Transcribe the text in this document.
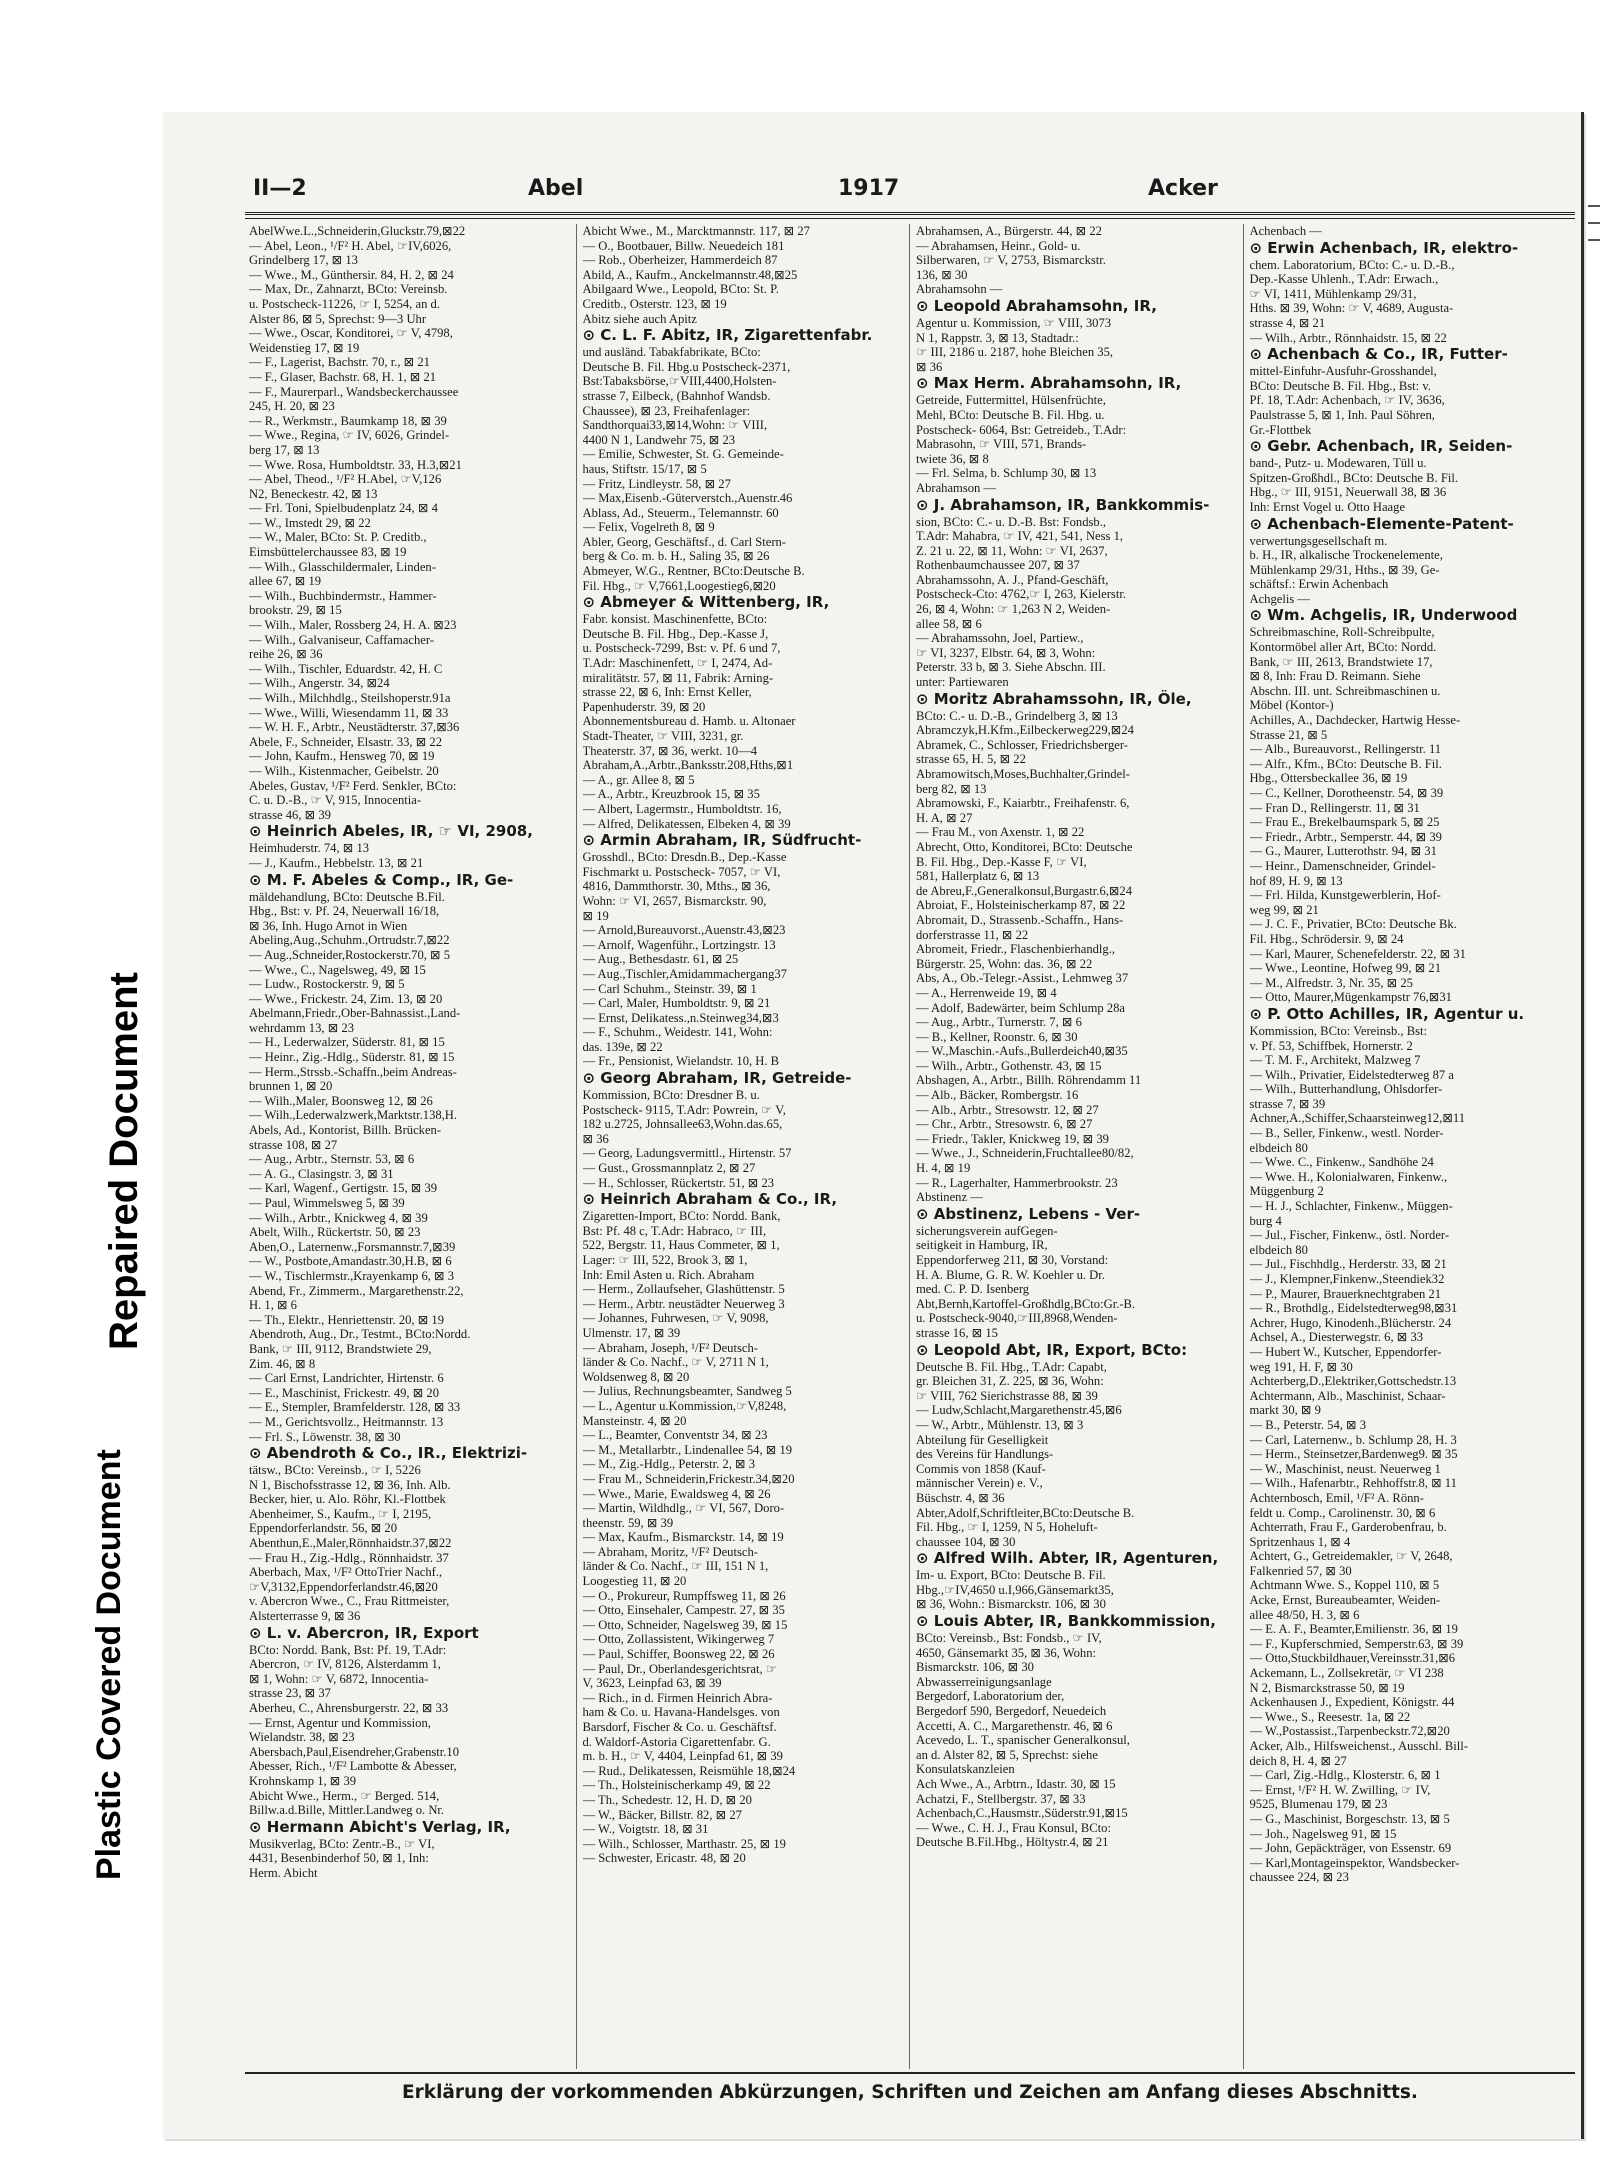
Repaired Document
Plastic Covered Document
II—2	Abel	1917	Acker
AbelWwe.L.,Schneiderin,Gluckstr.79,⊠22
— Abel, Leon., ¹/F² H. Abel, ☞IV,6026,
Grindelberg 17, ⊠ 13
— Wwe., M., Günthersir. 84, H. 2, ⊠ 24
— Max, Dr., Zahnarzt, BCto: Vereinsb.
u. Postscheck-11226, ☞ I, 5254, an d.
Alster 86, ⊠ 5, Sprechst: 9—3 Uhr
— Wwe., Oscar, Konditorei, ☞ V, 4798,
Weidenstieg 17, ⊠ 19
— F., Lagerist, Bachstr. 70, r., ⊠ 21
— F., Glaser, Bachstr. 68, H. 1, ⊠ 21
— F., Maurerparl., Wandsbeckerchaussee
245, H. 20, ⊠ 23
— R., Werkmstr., Baumkamp 18, ⊠ 39
— Wwe., Regina, ☞ IV, 6026, Grindel-
berg 17, ⊠ 13
— Wwe. Rosa, Humboldtstr. 33, H.3,⊠21
— Abel, Theod., ¹/F² H.Abel, ☞V,126
N2, Beneckestr. 42, ⊠ 13
— Frl. Toni, Spielbudenplatz 24, ⊠ 4
— W., Imstedt 29, ⊠ 22
— W., Maler, BCto: St. P. Creditb.,
Eimsbüttelerchaussee 83, ⊠ 19
— Wilh., Glasschildermaler, Linden-
allee 67, ⊠ 19
— Wilh., Buchbindermstr., Hammer-
brookstr. 29, ⊠ 15
— Wilh., Maler, Rossberg 24, H. A. ⊠23
— Wilh., Galvaniseur, Caffamacher-
reihe 26, ⊠ 36
— Wilh., Tischler, Eduardstr. 42, H. C
— Wilh., Angerstr. 34, ⊠24
— Wilh., Milchhdlg., Steilshoperstr.91a
— Wwe., Willi, Wiesendamm 11, ⊠ 33
— W. H. F., Arbtr., Neustädterstr. 37,⊠36
Abele, F., Schneider, Elsastr. 33, ⊠ 22
— John, Kaufm., Hensweg 70, ⊠ 19
— Wilh., Kistenmacher, Geibelstr. 20
Abeles, Gustav, ¹/F² Ferd. Senkler, BCto:
C. u. D.-B., ☞ V, 915, Innocentia-
strasse 46, ⊠ 39
⊙ Heinrich Abeles, IR, ☞ VI, 2908,
Heimhuderstr. 74, ⊠ 13
— J., Kaufm., Hebbelstr. 13, ⊠ 21
⊙ M. F. Abeles & Comp., IR, Ge-
mäldehandlung, BCto: Deutsche B.Fil.
Hbg., Bst: v. Pf. 24, Neuerwall 16/18,
⊠ 36, Inh. Hugo Arnot in Wien
Abeling,Aug.,Schuhm.,Ortrudstr.7,⊠22
— Aug.,Schneider,Rostockerstr.70, ⊠ 5
— Wwe., C., Nagelsweg, 49, ⊠ 15
— Ludw., Rostockerstr. 9, ⊠ 5
— Wwe., Frickestr. 24, Zim. 13, ⊠ 20
Abelmann,Friedr.,Ober-Bahnassist.,Land-
wehrdamm 13, ⊠ 23
— H., Lederwalzer, Süderstr. 81, ⊠ 15
— Heinr., Zig.-Hdlg., Süderstr. 81, ⊠ 15
— Herm.,Strssb.-Schaffn.,beim Andreas-
brunnen 1, ⊠ 20
— Wilh.,Maler, Boonsweg 12, ⊠ 26
— Wilh.,Lederwalzwerk,Marktstr.138,H.
Abels, Ad., Kontorist, Billh. Brücken-
strasse 108, ⊠ 27
— Aug., Arbtr., Sternstr. 53, ⊠ 6
— A. G., Clasingstr. 3, ⊠ 31
— Karl, Wagenf., Gertigstr. 15, ⊠ 39
— Paul, Wimmelsweg 5, ⊠ 39
— Wilh., Arbtr., Knickweg 4, ⊠ 39
Abelt, Wilh., Rückertstr. 50, ⊠ 23
Aben,O., Laternenw.,Forsmannstr.7,⊠39
— W., Postbote,Amandastr.30,H.B, ⊠ 6
— W., Tischlermstr.,Krayenkamp 6, ⊠ 3
Abend, Fr., Zimmerm., Margarethenstr.22,
H. 1, ⊠ 6
— Th., Elektr., Henriettenstr. 20, ⊠ 19
Abendroth, Aug., Dr., Testmt., BCto:Nordd.
Bank, ☞ III, 9112, Brandstwiete 29,
Zim. 46, ⊠ 8
— Carl Ernst, Landrichter, Hirtenstr. 6
— E., Maschinist, Frickestr. 49, ⊠ 20
— E., Stempler, Bramfelderstr. 128, ⊠ 33
— M., Gerichtsvollz., Heitmannstr. 13
— Frl. S., Löwenstr. 38, ⊠ 30
⊙ Abendroth & Co., IR., Elektrizi-
tätsw., BCto: Vereinsb., ☞ I, 5226
N 1, Bischofsstrasse 12, ⊠ 36, Inh. Alb.
Becker, hier, u. Alo. Röhr, Kl.-Flottbek
Abenheimer, S., Kaufm., ☞ I, 2195,
Eppendorferlandstr. 56, ⊠ 20
Abenthun,E.,Maler,Rönnhaidstr.37,⊠22
— Frau H., Zig.-Hdlg., Rönnhaidstr. 37
Aberbach, Max, ¹/F² OttoTrier Nachf.,
☞V,3132,Eppendorferlandstr.46,⊠20
v. Abercron Wwe., C., Frau Rittmeister,
Alsterterrasse 9, ⊠ 36
⊙ L. v. Abercron, IR, Export
BCto: Nordd. Bank, Bst: Pf. 19, T.Adr:
Abercron, ☞ IV, 8126, Alsterdamm 1,
⊠ 1, Wohn: ☞ V, 6872, Innocentia-
strasse 23, ⊠ 37
Aberheu, C., Ahrensburgerstr. 22, ⊠ 33
— Ernst, Agentur und Kommission,
Wielandstr. 38, ⊠ 23
Abersbach,Paul,Eisendreher,Grabenstr.10
Abesser, Rich., ¹/F² Lambotte & Abesser,
Krohnskamp 1, ⊠ 39
Abicht Wwe., Herm., ☞ Berged. 514,
Billw.a.d.Bille, Mittler.Landweg o. Nr.
⊙ Hermann Abicht's Verlag, IR,
Musikverlag, BCto: Zentr.-B., ☞ VI,
4431, Besenbinderhof 50, ⊠ 1, Inh:
Herm. Abicht
Abicht Wwe., M., Marcktmannstr. 117, ⊠ 27
— O., Bootbauer, Billw. Neuedeich 181
— Rob., Oberheizer, Hammerdeich 87
Abild, A., Kaufm., Anckelmannstr.48,⊠25
Abilgaard Wwe., Leopold, BCto: St. P.
Creditb., Osterstr. 123, ⊠ 19
Abitz siehe auch Apitz
⊙ C. L. F. Abitz, IR, Zigarettenfabr.
und ausländ. Tabakfabrikate, BCto:
Deutsche B. Fil. Hbg.u Postscheck-2371,
Bst:Tabaksbörse,☞VIII,4400,Holsten-
strasse 7, Eilbeck, (Bahnhof Wandsb.
Chaussee), ⊠ 23, Freihafenlager:
Sandthorquai33,⊠14,Wohn: ☞ VIII,
4400 N 1, Landwehr 75, ⊠ 23
— Emilie, Schwester, St. G. Gemeinde-
haus, Stiftstr. 15/17, ⊠ 5
— Fritz, Lindleystr. 58, ⊠ 27
— Max,Eisenb.-Güterverstch.,Auenstr.46
Ablass, Ad., Steuerm., Telemannstr. 60
— Felix, Vogelreth 8, ⊠ 9
Abler, Georg, Geschäftsf., d. Carl Stern-
berg & Co. m. b. H., Saling 35, ⊠ 26
Abmeyer, W.G., Rentner, BCto:Deutsche B.
Fil. Hbg., ☞ V,7661,Loogestieg6,⊠20
⊙ Abmeyer & Wittenberg, IR,
Fabr. konsist. Maschinenfette, BCto:
Deutsche B. Fil. Hbg., Dep.-Kasse J,
u. Postscheck-7299, Bst: v. Pf. 6 und 7,
T.Adr: Maschinenfett, ☞ I, 2474, Ad-
miralitätstr. 57, ⊠ 11, Fabrik: Arning-
strasse 22, ⊠ 6, Inh: Ernst Keller,
Papenhuderstr. 39, ⊠ 20
Abonnementsbureau d. Hamb. u. Altonaer
Stadt-Theater, ☞ VIII, 3231, gr.
Theaterstr. 37, ⊠ 36, werkt. 10—4
Abraham,A.,Arbtr.,Banksstr.208,Hths,⊠1
— A., gr. Allee 8, ⊠ 5
— A., Arbtr., Kreuzbrook 15, ⊠ 35
— Albert, Lagermstr., Humboldtstr. 16,
— Alfred, Delikatessen, Elbeken 4, ⊠ 39
⊙ Armin Abraham, IR, Südfrucht-
Grosshdl., BCto: Dresdn.B., Dep.-Kasse
Fischmarkt u. Postscheck- 7057, ☞ VI,
4816, Dammthorstr. 30, Mths., ⊠ 36,
Wohn: ☞ VI, 2657, Bismarckstr. 90,
⊠ 19
— Arnold,Bureauvorst.,Auenstr.43,⊠23
— Arnolf, Wagenführ., Lortzingstr. 13
— Aug., Bethesdastr. 61, ⊠ 25
— Aug.,Tischler,Amidammachergang37
— Carl Schuhm., Steinstr. 39, ⊠ 1
— Carl, Maler, Humboldtstr. 9, ⊠ 21
— Ernst, Delikatess.,n.Steinweg34,⊠3
— F., Schuhm., Weidestr. 141, Wohn:
das. 139e, ⊠ 22
— Fr., Pensionist, Wielandstr. 10, H. B
⊙ Georg Abraham, IR, Getreide-
Kommission, BCto: Dresdner B. u.
Postscheck- 9115, T.Adr: Powrein, ☞ V,
182 u.2725, Johnsallee63,Wohn.das.65,
⊠ 36
— Georg, Ladungsvermittl., Hirtenstr. 57
— Gust., Grossmannplatz 2, ⊠ 27
— H., Schlosser, Rückertstr. 51, ⊠ 23
⊙ Heinrich Abraham & Co., IR,
Zigaretten-Import, BCto: Nordd. Bank,
Bst: Pf. 48 c, T.Adr: Habraco, ☞ III,
522, Bergstr. 11, Haus Commeter, ⊠ 1,
Lager: ☞ III, 522, Brook 3, ⊠ 1,
Inh: Emil Asten u. Rich. Abraham
— Herm., Zollaufseher, Glashüttenstr. 5
— Herm., Arbtr. neustädter Neuerweg 3
— Johannes, Fuhrwesen, ☞ V, 9098,
Ulmenstr. 17, ⊠ 39
— Abraham, Joseph, ¹/F² Deutsch-
länder & Co. Nachf., ☞ V, 2711 N 1,
Woldsenweg 8, ⊠ 20
— Julius, Rechnungsbeamter, Sandweg 5
— L., Agentur u.Kommission,☞V,8248,
Mansteinstr. 4, ⊠ 20
— L., Beamter, Conventstr 34, ⊠ 23
— M., Metallarbtr., Lindenallee 54, ⊠ 19
— M., Zig.-Hdlg., Peterstr. 2, ⊠ 3
— Frau M., Schneiderin,Frickestr.34,⊠20
— Wwe., Marie, Ewaldsweg 4, ⊠ 26
— Martin, Wildhdlg., ☞ VI, 567, Doro-
theenstr. 59, ⊠ 39
— Max, Kaufm., Bismarckstr. 14, ⊠ 19
— Abraham, Moritz, ¹/F² Deutsch-
länder & Co. Nachf., ☞ III, 151 N 1,
Loogestieg 11, ⊠ 20
— O., Prokureur, Rumpffsweg 11, ⊠ 26
— Otto, Einsehaler, Campestr. 27, ⊠ 35
— Otto, Schneider, Nagelsweg 39, ⊠ 15
— Otto, Zollassistent, Wikingerweg 7
— Paul, Schiffer, Boonsweg 22, ⊠ 26
— Paul, Dr., Oberlandesgerichtsrat, ☞
V, 3623, Leinpfad 63, ⊠ 39
— Rich., in d. Firmen Heinrich Abra-
ham & Co. u. Havana-Handelsges. von
Barsdorf, Fischer & Co. u. Geschäftsf.
d. Waldorf-Astoria Cigarettenfabr. G.
m. b. H., ☞ V, 4404, Leinpfad 61, ⊠ 39
— Rud., Delikatessen, Reismühle 18,⊠24
— Th., Holsteinischerkamp 49, ⊠ 22
— Th., Schedestr. 12, H. D, ⊠ 20
— W., Bäcker, Billstr. 82, ⊠ 27
— W., Voigtstr. 18, ⊠ 31
— Wilh., Schlosser, Marthastr. 25, ⊠ 19
— Schwester, Ericastr. 48, ⊠ 20
Abrahamsen, A., Bürgerstr. 44, ⊠ 22
— Abrahamsen, Heinr., Gold- u.
Silberwaren, ☞ V, 2753, Bismarckstr.
136, ⊠ 30
Abrahamsohn —
⊙ Leopold Abrahamsohn, IR,
Agentur u. Kommission, ☞ VIII, 3073
N 1, Rappstr. 3, ⊠ 13, Stadtadr.:
☞ III, 2186 u. 2187, hohe Bleichen 35,
⊠ 36
⊙ Max Herm. Abrahamsohn, IR,
Getreide, Futtermittel, Hülsenfrüchte,
Mehl, BCto: Deutsche B. Fil. Hbg. u.
Postscheck- 6064, Bst: Getreideb., T.Adr:
Mabrasohn, ☞ VIII, 571, Brands-
twiete 36, ⊠ 8
— Frl. Selma, b. Schlump 30, ⊠ 13
Abrahamson —
⊙ J. Abrahamson, IR, Bankkommis-
sion, BCto: C.- u. D.-B. Bst: Fondsb.,
T.Adr: Mahabra, ☞ IV, 421, 541, Ness 1,
Z. 21 u. 22, ⊠ 11, Wohn: ☞ VI, 2637,
Rothenbaumchaussee 207, ⊠ 37
Abrahamssohn, A. J., Pfand-Geschäft,
Postscheck-Cto: 4762,☞ I, 263, Kielerstr.
26, ⊠ 4, Wohn: ☞ 1,263 N 2, Weiden-
allee 58, ⊠ 6
— Abrahamssohn, Joel, Partiew.,
☞ VI, 3237, Elbstr. 64, ⊠ 3, Wohn:
Peterstr. 33 b, ⊠ 3. Siehe Abschn. III.
unter: Partiewaren
⊙ Moritz Abrahamssohn, IR, Öle,
BCto: C.- u. D.-B., Grindelberg 3, ⊠ 13
Abramczyk,H.Kfm.,Eilbeckerweg229,⊠24
Abramek, C., Schlosser, Friedrichsberger-
strasse 65, H. 5, ⊠ 22
Abramowitsch,Moses,Buchhalter,Grindel-
berg 82, ⊠ 13
Abramowski, F., Kaiarbtr., Freihafenstr. 6,
H. A, ⊠ 27
— Frau M., von Axenstr. 1, ⊠ 22
Abrecht, Otto, Konditorei, BCto: Deutsche
B. Fil. Hbg., Dep.-Kasse F, ☞ VI,
581, Hallerplatz 6, ⊠ 13
de Abreu,F.,Generalkonsul,Burgastr.6,⊠24
Abroiat, F., Holsteinischerkamp 87, ⊠ 22
Abromait, D., Strassenb.-Schaffn., Hans-
dorferstrasse 11, ⊠ 22
Abromeit, Friedr., Flaschenbierhandlg.,
Bürgerstr. 25, Wohn: das. 36, ⊠ 22
Abs, A., Ob.-Telegr.-Assist., Lehmweg 37
— A., Herrenweide 19, ⊠ 4
— Adolf, Badewärter, beim Schlump 28a
— Aug., Arbtr., Turnerstr. 7, ⊠ 6
— B., Kellner, Roonstr. 6, ⊠ 30
— W.,Maschin.-Aufs.,Bullerdeich40,⊠35
— Wilh., Arbtr., Gothenstr. 43, ⊠ 15
Abshagen, A., Arbtr., Billh. Röhrendamm 11
— Alb., Bäcker, Rombergstr. 16
— Alb., Arbtr., Stresowstr. 12, ⊠ 27
— Chr., Arbtr., Stresowstr. 6, ⊠ 27
— Friedr., Takler, Knickweg 19, ⊠ 39
— Wwe., J., Schneiderin,Fruchtallee80/82,
H. 4, ⊠ 19
— R., Lagerhalter, Hammerbrookstr. 23
Abstinenz —
⊙ Abstinenz, Lebens - Ver-
sicherungsverein aufGegen-
seitigkeit in Hamburg, IR,
Eppendorferweg 211, ⊠ 30, Vorstand:
H. A. Blume, G. R. W. Koehler u. Dr.
med. C. P. D. Isenberg
Abt,Bernh,Kartoffel-Großhdlg,BCto:Gr.-B.
u. Postscheck-9040,☞III,8968,Wenden-
strasse 16, ⊠ 15
⊙ Leopold Abt, IR, Export, BCto:
Deutsche B. Fil. Hbg., T.Adr: Capabt,
gr. Bleichen 31, Z. 225, ⊠ 36, Wohn:
☞ VIII, 762 Sierichstrasse 88, ⊠ 39
— Ludw,Schlacht,Margarethenstr.45,⊠6
— W., Arbtr., Mühlenstr. 13, ⊠ 3
Abteilung für Geselligkeit
des Vereins für Handlungs-
Commis von 1858 (Kauf-
männischer Verein) e. V.,
Büschstr. 4, ⊠ 36
Abter,Adolf,Schriftleiter,BCto:Deutsche B.
Fil. Hbg., ☞ I, 1259, N 5, Hoheluft-
chaussee 104, ⊠ 30
⊙ Alfred Wilh. Abter, IR, Agenturen,
Im- u. Export, BCto: Deutsche B. Fil.
Hbg.,☞IV,4650 u.I,966,Gänsemarkt35,
⊠ 36, Wohn.: Bismarckstr. 106, ⊠ 30
⊙ Louis Abter, IR, Bankkommission,
BCto: Vereinsb., Bst: Fondsb., ☞ IV,
4650, Gänsemarkt 35, ⊠ 36, Wohn:
Bismarckstr. 106, ⊠ 30
Abwasserreinigungsanlage
Bergedorf, Laboratorium der,
Bergedorf 590, Bergedorf, Neuedeich
Accetti, A. C., Margarethenstr. 46, ⊠ 6
Acevedo, L. T., spanischer Generalkonsul,
an d. Alster 82, ⊠ 5, Sprechst: siehe
Konsulatskanzleien
Ach Wwe., A., Arbtrn., Idastr. 30, ⊠ 15
Achatzi, F., Stellbergstr. 37, ⊠ 33
Achenbach,C.,Hausmstr.,Süderstr.91,⊠15
— Wwe., C. H. J., Frau Konsul, BCto:
Deutsche B.Fil.Hbg., Höltystr.4, ⊠ 21
Achenbach —
⊙ Erwin Achenbach, IR, elektro-
chem. Laboratorium, BCto: C.- u. D.-B.,
Dep.-Kasse Uhlenh., T.Adr: Erwach.,
☞ VI, 1411, Mühlenkamp 29/31,
Hths. ⊠ 39, Wohn: ☞ V, 4689, Augusta-
strasse 4, ⊠ 21
— Wilh., Arbtr., Rönnhaidstr. 15, ⊠ 22
⊙ Achenbach & Co., IR, Futter-
mittel-Einfuhr-Ausfuhr-Grosshandel,
BCto: Deutsche B. Fil. Hbg., Bst: v.
Pf. 18, T.Adr: Achenbach, ☞ IV, 3636,
Paulstrasse 5, ⊠ 1, Inh. Paul Söhren,
Gr.-Flottbek
⊙ Gebr. Achenbach, IR, Seiden-
band-, Putz- u. Modewaren, Tüll u.
Spitzen-Großhdl., BCto: Deutsche B. Fil.
Hbg., ☞ III, 9151, Neuerwall 38, ⊠ 36
Inh: Ernst Vogel u. Otto Haage
⊙ Achenbach-Elemente-Patent-
verwertungsgesellschaft m.
b. H., IR, alkalische Trockenelemente,
Mühlenkamp 29/31, Hths., ⊠ 39, Ge-
schäftsf.: Erwin Achenbach
Achgelis —
⊙ Wm. Achgelis, IR, Underwood
Schreibmaschine, Roll-Schreibpulte,
Kontormöbel aller Art, BCto: Nordd.
Bank, ☞ III, 2613, Brandstwiete 17,
⊠ 8, Inh: Frau D. Reimann. Siehe
Abschn. III. unt. Schreibmaschinen u.
Möbel (Kontor-)
Achilles, A., Dachdecker, Hartwig Hesse-
Strasse 21, ⊠ 5
— Alb., Bureauvorst., Rellingerstr. 11
— Alfr., Kfm., BCto: Deutsche B. Fil.
Hbg., Ottersbeckallee 36, ⊠ 19
— C., Kellner, Dorotheenstr. 54, ⊠ 39
— Fran D., Rellingerstr. 11, ⊠ 31
— Frau E., Brekelbaumspark 5, ⊠ 25
— Friedr., Arbtr., Semperstr. 44, ⊠ 39
— G., Maurer, Lutterothstr. 94, ⊠ 31
— Heinr., Damenschneider, Grindel-
hof 89, H. 9, ⊠ 13
— Frl. Hilda, Kunstgewerblerin, Hof-
weg 99, ⊠ 21
— J. C. F., Privatier, BCto: Deutsche Bk.
Fil. Hbg., Schrödersir. 9, ⊠ 24
— Karl, Maurer, Schenefelderstr. 22, ⊠ 31
— Wwe., Leontine, Hofweg 99, ⊠ 21
— M., Alfredstr. 3, Nr. 35, ⊠ 25
— Otto, Maurer,Mügenkampstr 76,⊠31
⊙ P. Otto Achilles, IR, Agentur u.
Kommission, BCto: Vereinsb., Bst:
v. Pf. 53, Schiffbek, Hornerstr. 2
— T. M. F., Architekt, Malzweg 7
— Wilh., Privatier, Eidelstedterweg 87 a
— Wilh., Butterhandlung, Ohlsdorfer-
strasse 7, ⊠ 39
Achner,A.,Schiffer,Schaarsteinweg12,⊠11
— B., Seller, Finkenw., westl. Norder-
elbdeich 80
— Wwe. C., Finkenw., Sandhöhe 24
— Wwe. H., Kolonialwaren, Finkenw.,
Müggenburg 2
— H. J., Schlachter, Finkenw., Müggen-
burg 4
— Jul., Fischer, Finkenw., östl. Norder-
elbdeich 80
— Jul., Fischhdlg., Herderstr. 33, ⊠ 21
— J., Klempner,Finkenw.,Steendiek32
— P., Maurer, Brauerknechtgraben 21
— R., Brothdlg., Eidelstedterweg98,⊠31
Achrer, Hugo, Kinodenh.,Blücherstr. 24
Achsel, A., Diesterwegstr. 6, ⊠ 33
— Hubert W., Kutscher, Eppendorfer-
weg 191, H. F, ⊠ 30
Achterberg,D.,Elektriker,Gottschedstr.13
Achtermann, Alb., Maschinist, Schaar-
markt 30, ⊠ 9
— B., Peterstr. 54, ⊠ 3
— Carl, Laternenw., b. Schlump 28, H. 3
— Herm., Steinsetzer,Bardenweg9. ⊠ 35
— W., Maschinist, neust. Neuerweg 1
— Wilh., Hafenarbtr., Rehhoffstr.8, ⊠ 11
Achternbosch, Emil, ¹/F² A. Rönn-
feldt u. Comp., Carolinenstr. 30, ⊠ 6
Achterrath, Frau F., Garderobenfrau, b.
Spritzenhaus 1, ⊠ 4
Achtert, G., Getreidemakler, ☞ V, 2648,
Falkenried 57, ⊠ 30
Achtmann Wwe. S., Koppel 110, ⊠ 5
Acke, Ernst, Bureaubeamter, Weiden-
allee 48/50, H. 3, ⊠ 6
— E. A. F., Beamter,Emilienstr. 36, ⊠ 19
— F., Kupferschmied, Semperstr.63, ⊠ 39
— Otto,Stuckbildhauer,Vereinsstr.31,⊠6
Ackemann, L., Zollsekretär, ☞ VI 238
N 2, Bismarckstrasse 50, ⊠ 19
Ackenhausen J., Expedient, Königstr. 44
— Wwe., S., Reesestr. 1a, ⊠ 22
— W.,Postassist.,Tarpenbeckstr.72,⊠20
Acker, Alb., Hilfsweichenst., Ausschl. Bill-
deich 8, H. 4, ⊠ 27
— Carl, Zig.-Hdlg., Klosterstr. 6, ⊠ 1
— Ernst, ¹/F² H. W. Zwilling, ☞ IV,
9525, Blumenau 179, ⊠ 23
— G., Maschinist, Borgeschstr. 13, ⊠ 5
— Joh., Nagelsweg 91, ⊠ 15
— John, Gepäckträger, von Essenstr. 69
— Karl,Montageinspektor, Wandsbecker-
chaussee 224, ⊠ 23
Erklärung der vorkommenden Abkürzungen, Schriften und Zeichen am Anfang dieses Abschnitts.
